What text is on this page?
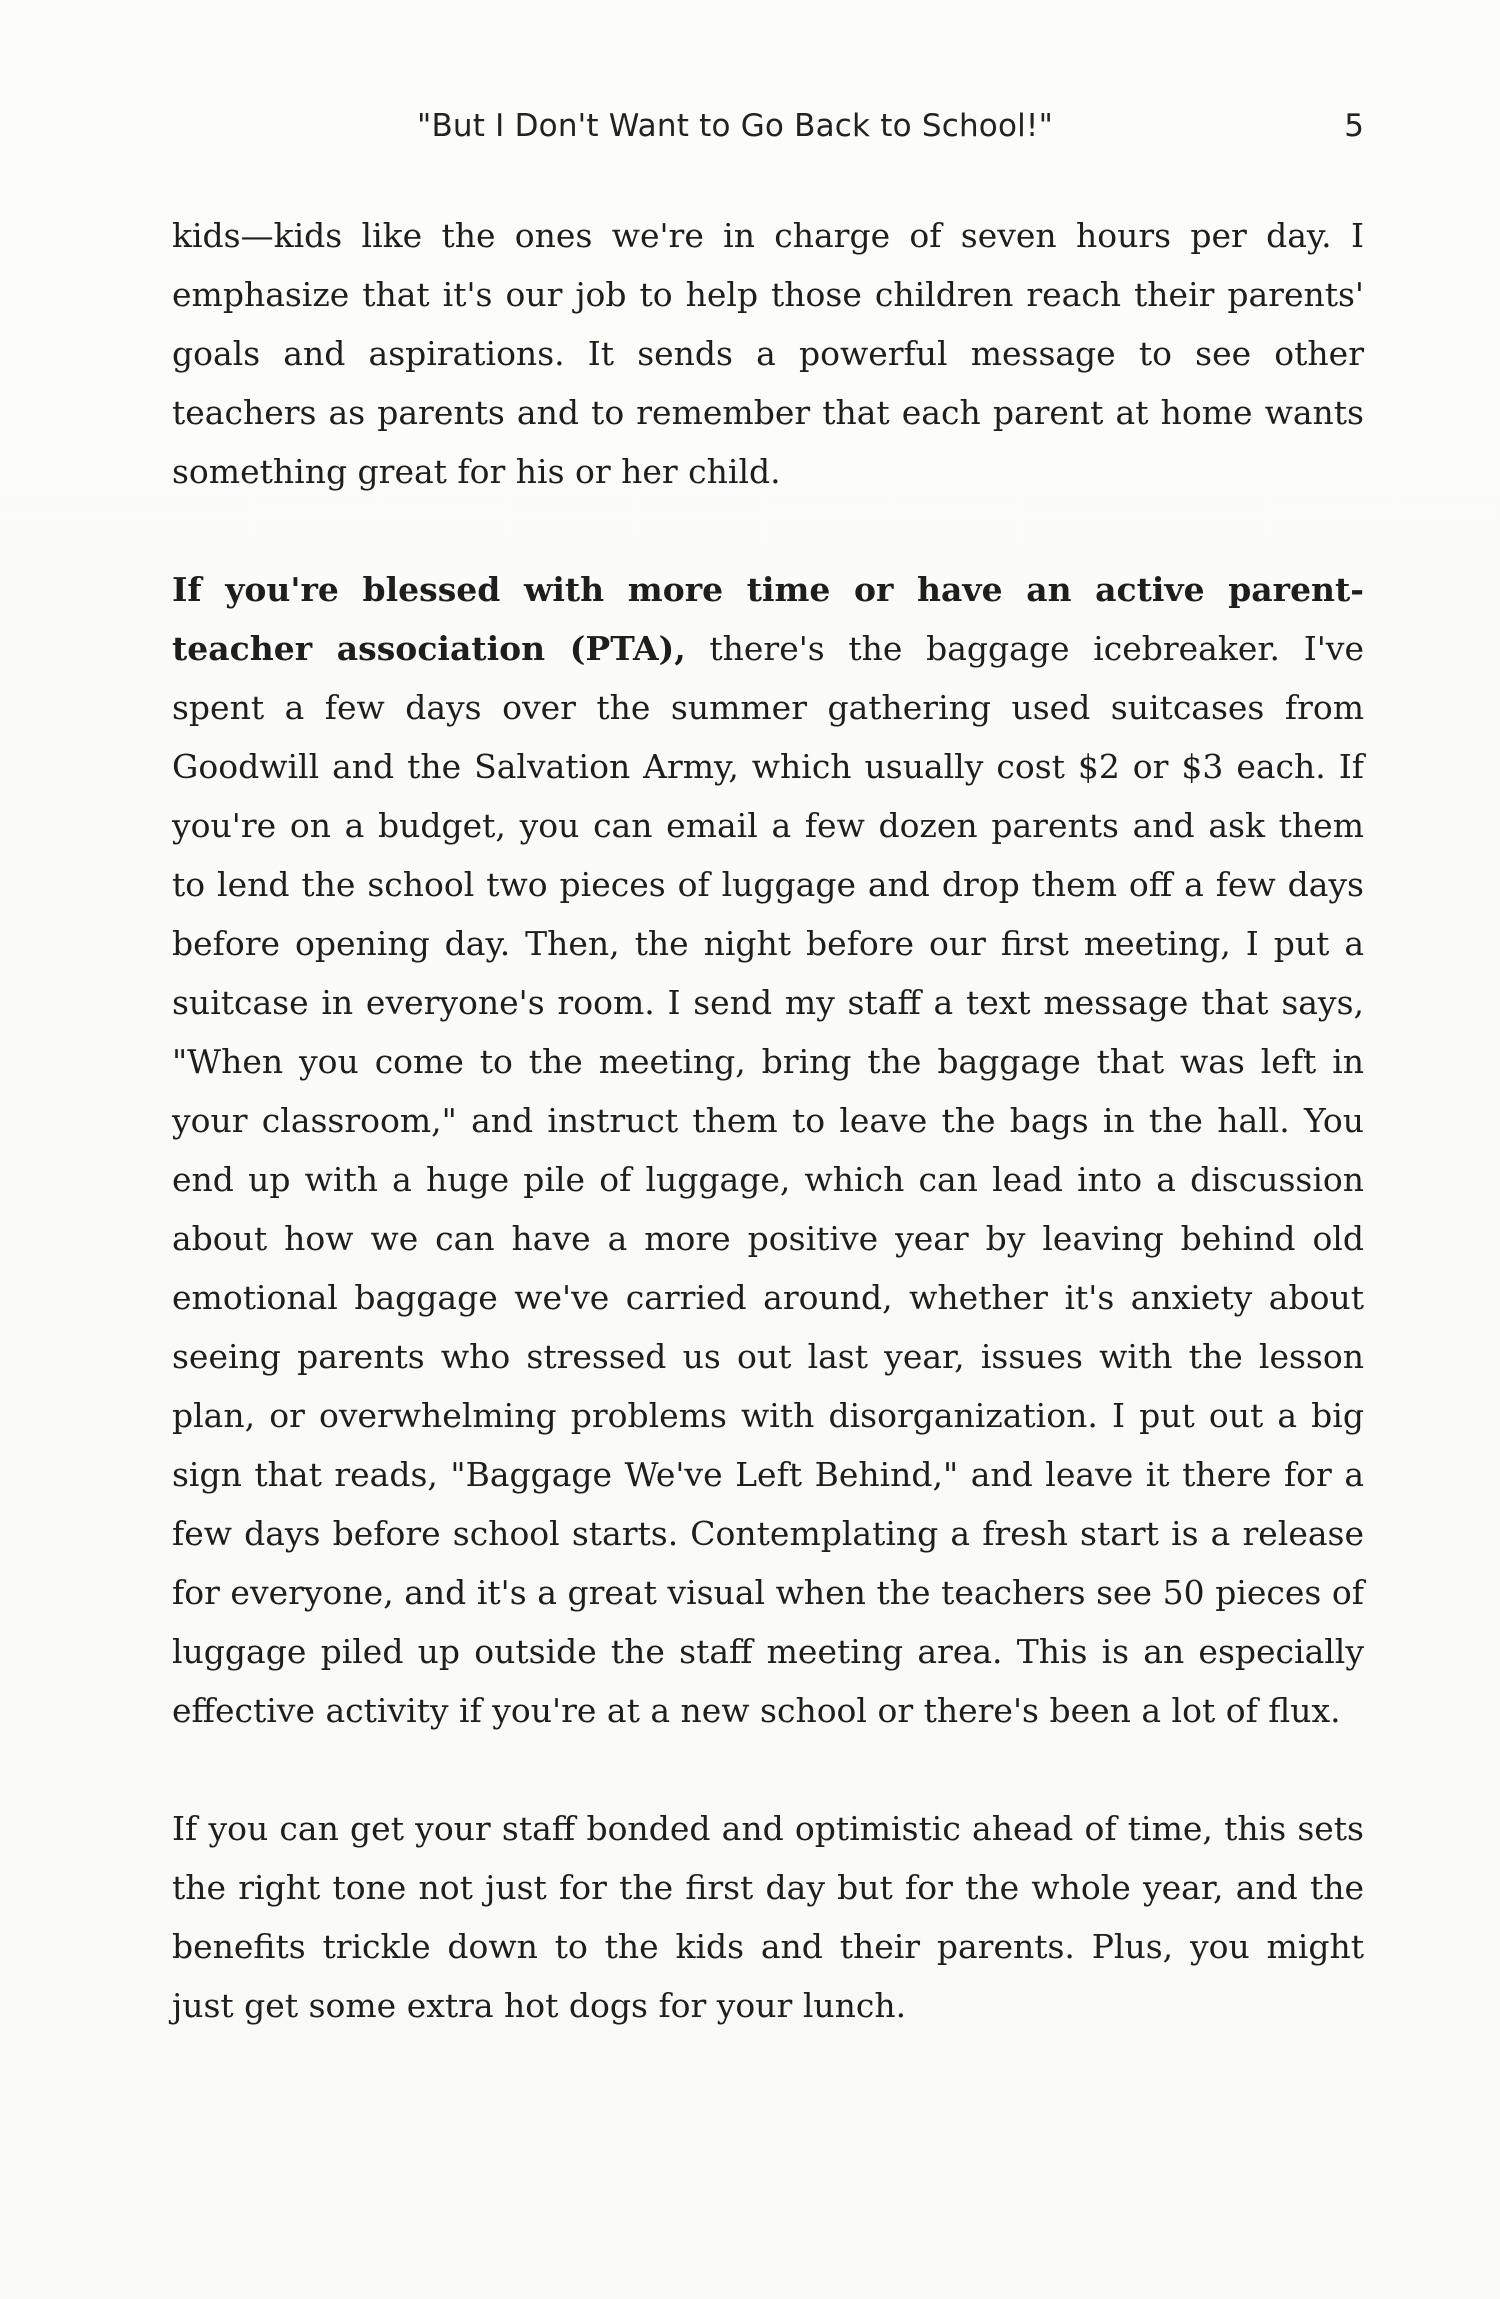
"But I Don't Want to Go Back to School!"	5

kids—kids like the ones we're in charge of seven hours per day. I emphasize that it's our job to help those children reach their parents' goals and aspirations. It sends a powerful message to see other teachers as parents and to remember that each parent at home wants something great for his or her child.

If you're blessed with more time or have an active parent-teacher association (PTA), there's the baggage icebreaker. I've spent a few days over the summer gathering used suitcases from Goodwill and the Salvation Army, which usually cost $2 or $3 each. If you're on a budget, you can email a few dozen parents and ask them to lend the school two pieces of luggage and drop them off a few days before opening day. Then, the night before our first meeting, I put a suitcase in everyone's room. I send my staff a text message that says, "When you come to the meeting, bring the baggage that was left in your classroom," and instruct them to leave the bags in the hall. You end up with a huge pile of luggage, which can lead into a discussion about how we can have a more positive year by leaving behind old emotional baggage we've carried around, whether it's anxiety about seeing parents who stressed us out last year, issues with the lesson plan, or overwhelming problems with disorganization. I put out a big sign that reads, "Baggage We've Left Behind," and leave it there for a few days before school starts. Contemplating a fresh start is a release for everyone, and it's a great visual when the teachers see 50 pieces of luggage piled up outside the staff meeting area. This is an especially effective activity if you're at a new school or there's been a lot of flux.

If you can get your staff bonded and optimistic ahead of time, this sets the right tone not just for the first day but for the whole year, and the benefits trickle down to the kids and their parents. Plus, you might just get some extra hot dogs for your lunch.
